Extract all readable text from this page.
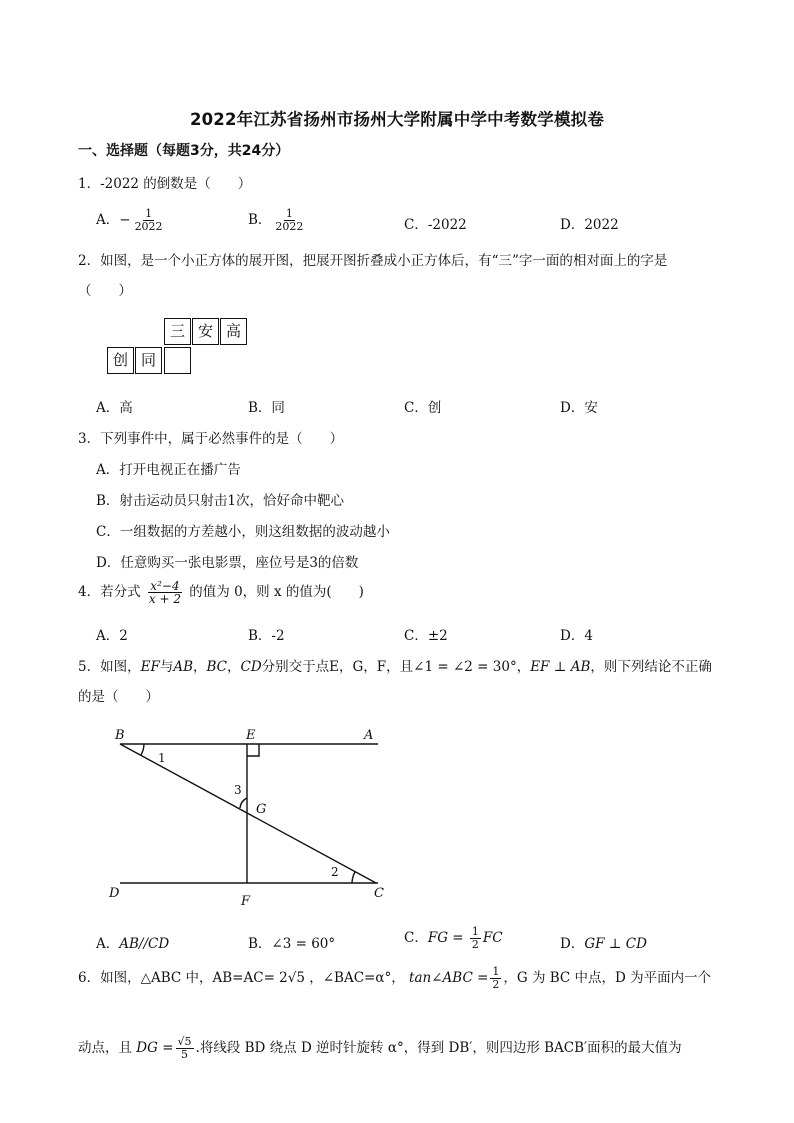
2022年江苏省扬州市扬州大学附属中学中考数学模拟卷
一、选择题（每题3分，共24分）
1．-2022 的倒数是（　　）
A．− $\frac{1}{2022}$	B． $\frac{1}{2022}$	C．-2022	D．2022
2．如图，是一个小正方体的展开图，把展开图折叠成小正方体后，有“三”字一面的相对面上的字是
（　　）
三 安 高
创 同
A．高	B．同	C．创	D．安
3．下列事件中，属于必然事件的是（　　）
A．打开电视正在播广告
B．射击运动员只射击1次，恰好命中靶心
C．一组数据的方差越小，则这组数据的波动越小
D．任意购买一张电影票，座位号是3的倍数
4．若分式 $\frac{\text{x²−4}}{x + 2}$ 的值为 0，则 x 的值为(　　)
A．2	B．-2	C．±2	D．4
5．如图，EF与AB，BC，CD分别交于点E，G，F，且∠1 = ∠2 = 30°，EF ⊥ AB，则下列结论不正确
的是（　　）
B	E	A
G
D
F
C
1
2
3
A．AB//CD	B．∠3 = 60°	C．FG = $\frac{1}{2}$ FC	D．GF ⊥ CD
6．如图，△ABC 中，AB=AC= 2√5 ，∠BAC=α°， tan∠ABC = $\frac{1}{2}$ ，G 为 BC 中点，D 为平面内一个
动点，且 DG = $\frac{√5}{5}$ .将线段 BD 绕点 D 逆时针旋转 α°，得到 DB′，则四边形 BACB′面积的最大值为
